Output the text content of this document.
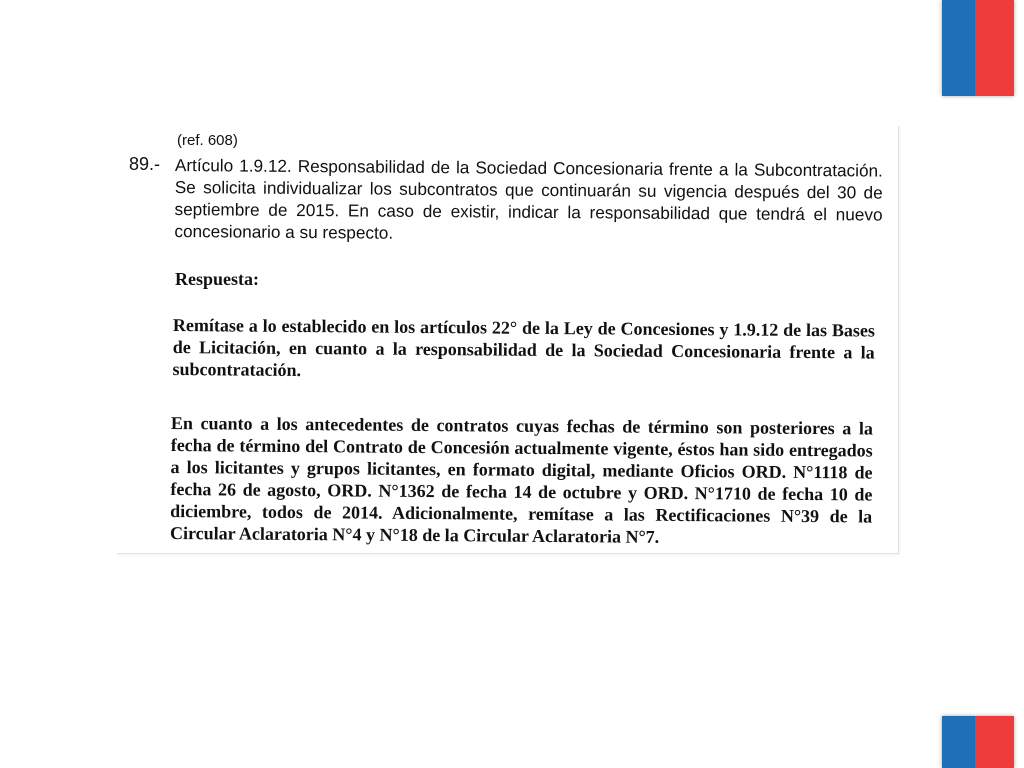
(ref. 608)

89.- Artículo 1.9.12. Responsabilidad de la Sociedad Concesionaria frente a la Subcontratación. Se solicita individualizar los subcontratos que continuarán su vigencia después del 30 de septiembre de 2015. En caso de existir, indicar la responsabilidad que tendrá el nuevo concesionario a su respecto.

Respuesta:

Remítase a lo establecido en los artículos 22° de la Ley de Concesiones y 1.9.12 de las Bases de Licitación, en cuanto a la responsabilidad de la Sociedad Concesionaria frente a la subcontratación.

En cuanto a los antecedentes de contratos cuyas fechas de término son posteriores a la fecha de término del Contrato de Concesión actualmente vigente, éstos han sido entregados a los licitantes y grupos licitantes, en formato digital, mediante Oficios ORD. N°1118 de fecha 26 de agosto, ORD. N°1362 de fecha 14 de octubre y ORD. N°1710 de fecha 10 de diciembre, todos de 2014. Adicionalmente, remítase a las Rectificaciones N°39 de la Circular Aclaratoria N°4 y N°18 de la Circular Aclaratoria N°7.
